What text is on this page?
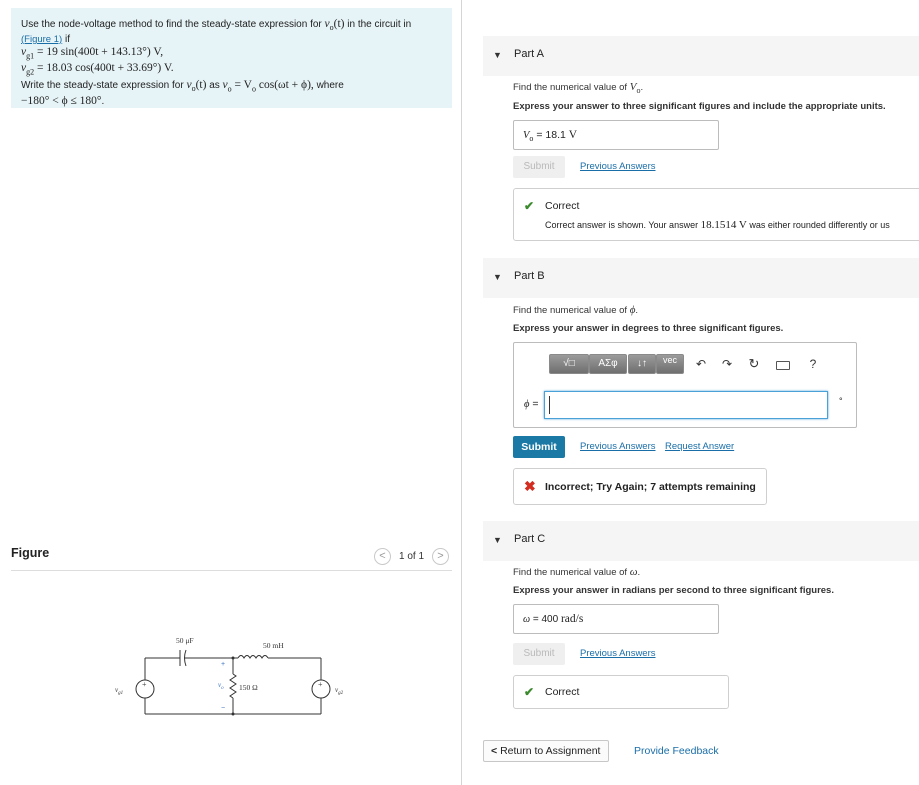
Use the node-voltage method to find the steady-state expression for $v_o(t)$ in the circuit in
(Figure 1) if
$v_{g1} = 19$ sin(400t + 143.13°) V,
$v_{g2} = 18.03$ cos(400t + 33.69°) V.
Write the steady-state expression for $v_o(t)$ as $v_o = V_o$ cos(ωt + ϕ), where
−180° < ϕ ≤ 180°.
Figure	<	1 of 1	>
+	+
50 μF
50 mH
150 Ω
+
−
$v_o$
$v_{g1}$	$v_{g2}$
▼ Part A
Find the numerical value of $V_o$.
Express your answer to three significant figures and include the appropriate units.
$V_o = 18.1$ V
Submit	Previous Answers
✔ Correct
Correct answer is shown. Your answer 18.1514 V was either rounded differently or us
▼ Part B
Find the numerical value of ϕ.
Express your answer in degrees to three significant figures.
√□	ΑΣφ	↓↑	vec	↶ ↷ ↻	?
ϕ =	°
Submit	Previous Answers Request Answer
✖ Incorrect; Try Again; 7 attempts remaining
▼ Part C
Find the numerical value of ω.
Express your answer in radians per second to three significant figures.
ω = 400 rad/s
Submit	Previous Answers
✔ Correct
< Return to Assignment	Provide Feedback
